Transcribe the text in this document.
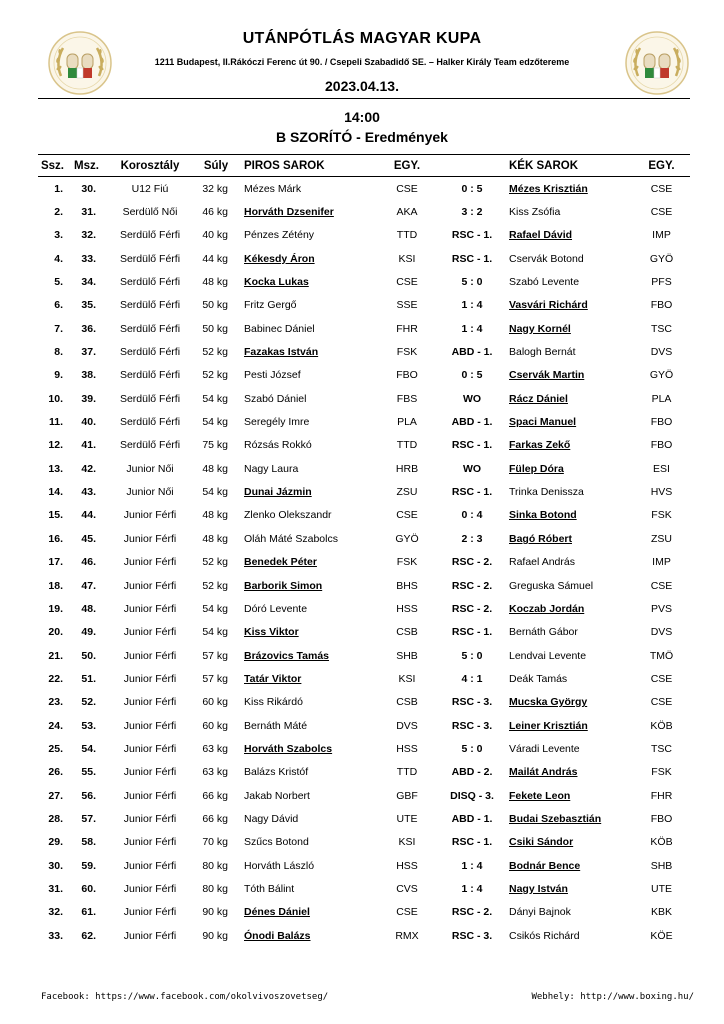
UTÁNPÓTLÁS MAGYAR KUPA
1211 Budapest, II.Rákóczi Ferenc út 90. / Csepeli Szabadidő SE. – Halker Király Team edzőtereme
2023.04.13.
14:00
B SZORÍTÓ - Eredmények
Ssz.	Msz.	Korosztály	Súly	PIROS SAROK	EGY.		KÉK SAROK	EGY.
1.	30.	U12 Fiú	32 kg	Mézes Márk	CSE	0 : 5	Mézes Krisztián	CSE
2.	31.	Serdülő Női	46 kg	Horváth Dzsenifer	AKA	3 : 2	Kiss Zsófia	CSE
3.	32.	Serdülő Férfi	40 kg	Pénzes Zétény	TTD	RSC - 1.	Rafael Dávid	IMP
4.	33.	Serdülő Férfi	44 kg	Kékesdy Áron	KSI	RSC - 1.	Cservák Botond	GYÖ
5.	34.	Serdülő Férfi	48 kg	Kocka Lukas	CSE	5 : 0	Szabó Levente	PFS
6.	35.	Serdülő Férfi	50 kg	Fritz Gergő	SSE	1 : 4	Vasvári Richárd	FBO
7.	36.	Serdülő Férfi	50 kg	Babinec Dániel	FHR	1 : 4	Nagy Kornél	TSC
8.	37.	Serdülő Férfi	52 kg	Fazakas István	FSK	ABD - 1.	Balogh Bernát	DVS
9.	38.	Serdülő Férfi	52 kg	Pesti József	FBO	0 : 5	Cservák Martin	GYÖ
10.	39.	Serdülő Férfi	54 kg	Szabó Dániel	FBS	WO	Rácz Dániel	PLA
11.	40.	Serdülő Férfi	54 kg	Seregély Imre	PLA	ABD - 1.	Spaci Manuel	FBO
12.	41.	Serdülő Férfi	75 kg	Rózsás Rokkó	TTD	RSC - 1.	Farkas Zekő	FBO
13.	42.	Junior Női	48 kg	Nagy Laura	HRB	WO	Fülep Dóra	ESI
14.	43.	Junior Női	54 kg	Dunai Jázmin	ZSU	RSC - 1.	Trinka Denissza	HVS
15.	44.	Junior Férfi	48 kg	Zlenko Olekszandr	CSE	0 : 4	Sinka Botond	FSK
16.	45.	Junior Férfi	48 kg	Oláh Máté Szabolcs	GYÖ	2 : 3	Bagó Róbert	ZSU
17.	46.	Junior Férfi	52 kg	Benedek Péter	FSK	RSC - 2.	Rafael András	IMP
18.	47.	Junior Férfi	52 kg	Barborik Simon	BHS	RSC - 2.	Greguska Sámuel	CSE
19.	48.	Junior Férfi	54 kg	Dóró Levente	HSS	RSC - 2.	Koczab Jordán	PVS
20.	49.	Junior Férfi	54 kg	Kiss Viktor	CSB	RSC - 1.	Bernáth Gábor	DVS
21.	50.	Junior Férfi	57 kg	Brázovics Tamás	SHB	5 : 0	Lendvai Levente	TMÖ
22.	51.	Junior Férfi	57 kg	Tatár Viktor	KSI	4 : 1	Deák Tamás	CSE
23.	52.	Junior Férfi	60 kg	Kiss Rikárdó	CSB	RSC - 3.	Mucska György	CSE
24.	53.	Junior Férfi	60 kg	Bernáth Máté	DVS	RSC - 3.	Leiner Krisztián	KÖB
25.	54.	Junior Férfi	63 kg	Horváth Szabolcs	HSS	5 : 0	Váradi Levente	TSC
26.	55.	Junior Férfi	63 kg	Balázs Kristóf	TTD	ABD - 2.	Mailát András	FSK
27.	56.	Junior Férfi	66 kg	Jakab Norbert	GBF	DISQ - 3.	Fekete Leon	FHR
28.	57.	Junior Férfi	66 kg	Nagy Dávid	UTE	ABD - 1.	Budai Szebasztián	FBO
29.	58.	Junior Férfi	70 kg	Szűcs Botond	KSI	RSC - 1.	Csiki Sándor	KÖB
30.	59.	Junior Férfi	80 kg	Horváth László	HSS	1 : 4	Bodnár Bence	SHB
31.	60.	Junior Férfi	80 kg	Tóth Bálint	CVS	1 : 4	Nagy István	UTE
32.	61.	Junior Férfi	90 kg	Dénes Dániel	CSE	RSC - 2.	Dányi Bajnok	KBK
33.	62.	Junior Férfi	90 kg	Ónodi Balázs	RMX	RSC - 3.	Csikós Richárd	KÖE
Facebook: https://www.facebook.com/okolvivoszovetseg/	Webhely: http://www.boxing.hu/
